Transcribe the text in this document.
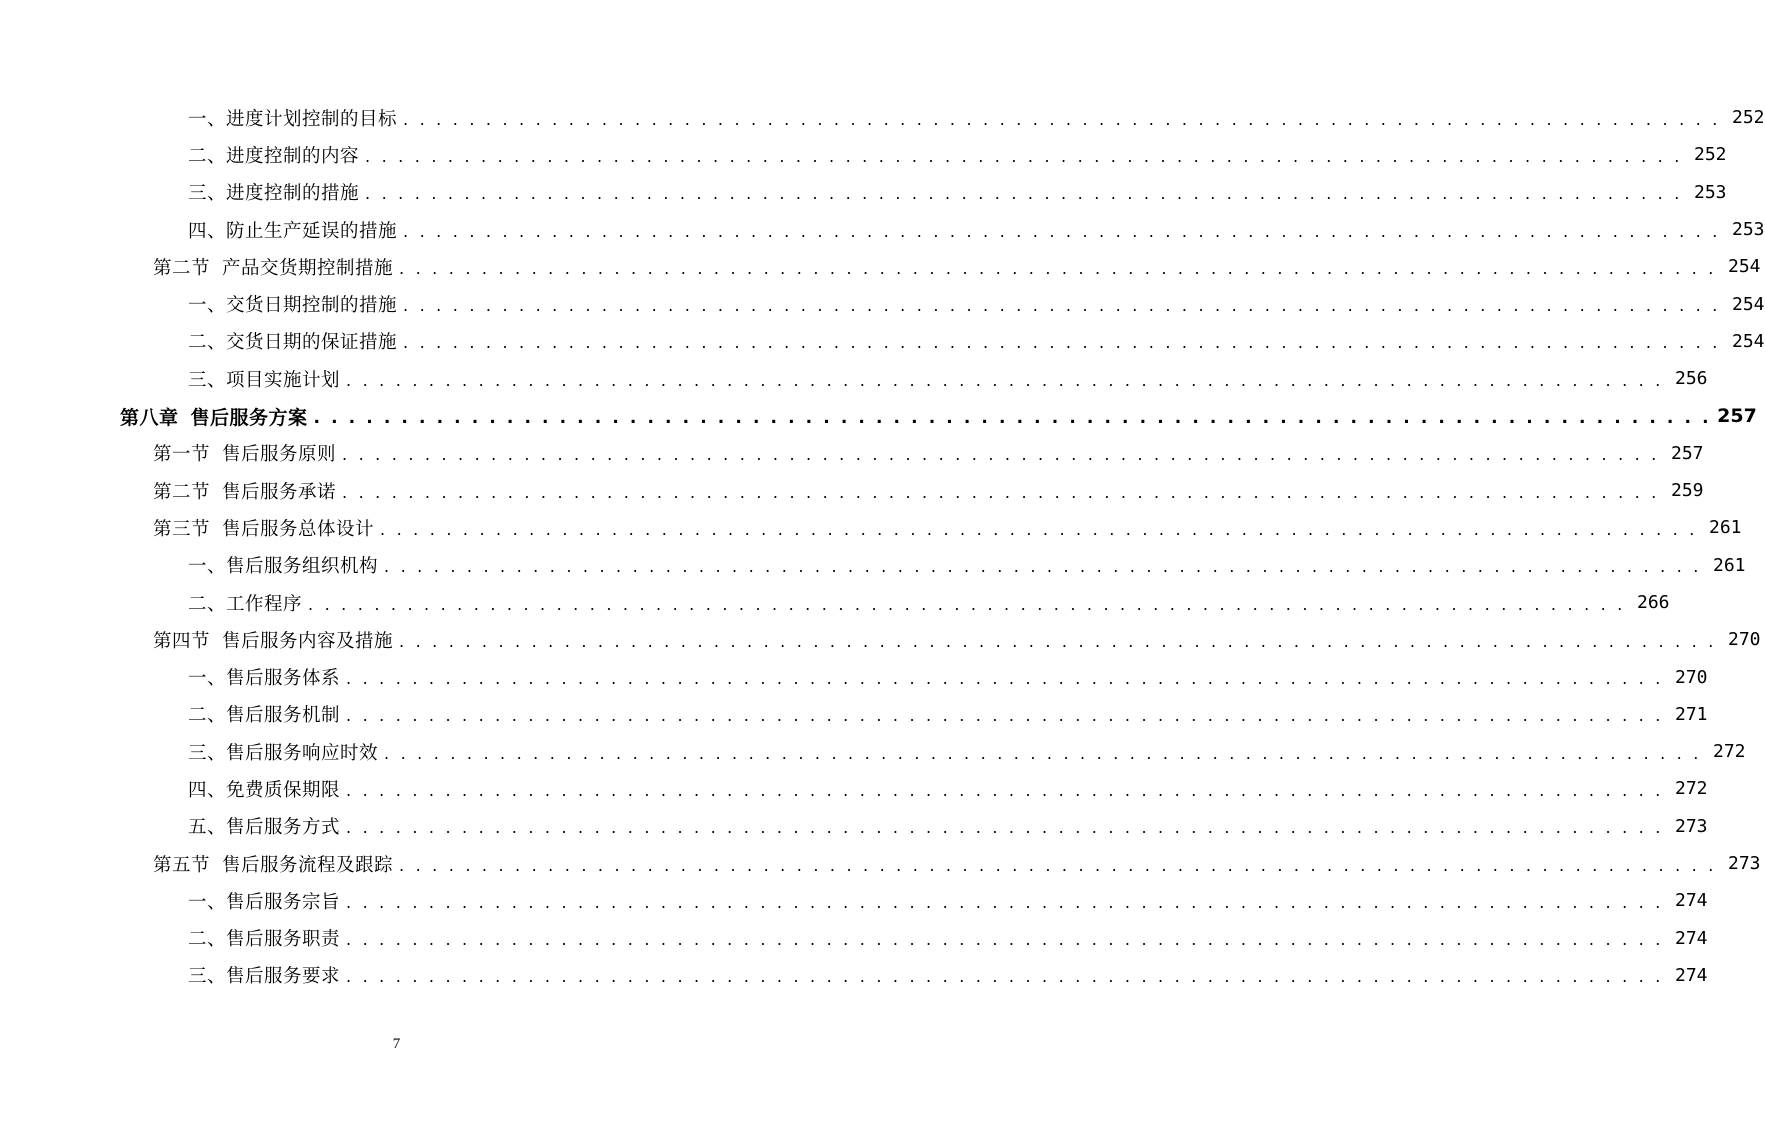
一、进度计划控制的目标 . . . . . . . . . . . . . . . . . . . . . . . . . . . . . . . . . . . . . . . . . . . . . . . . . . . . . . . . . . . . . . . . . . . . . . . . . . . . . . . . 252
二、进度控制的内容 . . . . . . . . . . . . . . . . . . . . . . . . . . . . . . . . . . . . . . . . . . . . . . . . . . . . . . . . . . . . . . . . . . . . . . . . . . . . . . . . 252
三、进度控制的措施 . . . . . . . . . . . . . . . . . . . . . . . . . . . . . . . . . . . . . . . . . . . . . . . . . . . . . . . . . . . . . . . . . . . . . . . . . . . . . . . . 253
四、防止生产延误的措施 . . . . . . . . . . . . . . . . . . . . . . . . . . . . . . . . . . . . . . . . . . . . . . . . . . . . . . . . . . . . . . . . . . . . . . . . . . . . . . . . 253
第二节 产品交货期控制措施 . . . . . . . . . . . . . . . . . . . . . . . . . . . . . . . . . . . . . . . . . . . . . . . . . . . . . . . . . . . . . . . . . . . . . . . . . . . . . . . . 254
一、交货日期控制的措施 . . . . . . . . . . . . . . . . . . . . . . . . . . . . . . . . . . . . . . . . . . . . . . . . . . . . . . . . . . . . . . . . . . . . . . . . . . . . . . . . 254
二、交货日期的保证措施 . . . . . . . . . . . . . . . . . . . . . . . . . . . . . . . . . . . . . . . . . . . . . . . . . . . . . . . . . . . . . . . . . . . . . . . . . . . . . . . . 254
三、项目实施计划 . . . . . . . . . . . . . . . . . . . . . . . . . . . . . . . . . . . . . . . . . . . . . . . . . . . . . . . . . . . . . . . . . . . . . . . . . . . . . . . . 256
第八章 售后服务方案 . . . . . . . . . . . . . . . . . . . . . . . . . . . . . . . . . . . . . . . . . . . . . . . . . . . . . . . . . . . . . . . . . . . . . . . . . . . . . . . . 257
第一节 售后服务原则 . . . . . . . . . . . . . . . . . . . . . . . . . . . . . . . . . . . . . . . . . . . . . . . . . . . . . . . . . . . . . . . . . . . . . . . . . . . . . . . . 257
第二节 售后服务承诺 . . . . . . . . . . . . . . . . . . . . . . . . . . . . . . . . . . . . . . . . . . . . . . . . . . . . . . . . . . . . . . . . . . . . . . . . . . . . . . . . 259
第三节 售后服务总体设计 . . . . . . . . . . . . . . . . . . . . . . . . . . . . . . . . . . . . . . . . . . . . . . . . . . . . . . . . . . . . . . . . . . . . . . . . . . . . . . . . 261
一、售后服务组织机构 . . . . . . . . . . . . . . . . . . . . . . . . . . . . . . . . . . . . . . . . . . . . . . . . . . . . . . . . . . . . . . . . . . . . . . . . . . . . . . . . 261
二、工作程序 . . . . . . . . . . . . . . . . . . . . . . . . . . . . . . . . . . . . . . . . . . . . . . . . . . . . . . . . . . . . . . . . . . . . . . . . . . . . . . . . 266
第四节 售后服务内容及措施 . . . . . . . . . . . . . . . . . . . . . . . . . . . . . . . . . . . . . . . . . . . . . . . . . . . . . . . . . . . . . . . . . . . . . . . . . . . . . . . . 270
一、售后服务体系 . . . . . . . . . . . . . . . . . . . . . . . . . . . . . . . . . . . . . . . . . . . . . . . . . . . . . . . . . . . . . . . . . . . . . . . . . . . . . . . . 270
二、售后服务机制 . . . . . . . . . . . . . . . . . . . . . . . . . . . . . . . . . . . . . . . . . . . . . . . . . . . . . . . . . . . . . . . . . . . . . . . . . . . . . . . . 271
三、售后服务响应时效 . . . . . . . . . . . . . . . . . . . . . . . . . . . . . . . . . . . . . . . . . . . . . . . . . . . . . . . . . . . . . . . . . . . . . . . . . . . . . . . . 272
四、免费质保期限 . . . . . . . . . . . . . . . . . . . . . . . . . . . . . . . . . . . . . . . . . . . . . . . . . . . . . . . . . . . . . . . . . . . . . . . . . . . . . . . . 272
五、售后服务方式 . . . . . . . . . . . . . . . . . . . . . . . . . . . . . . . . . . . . . . . . . . . . . . . . . . . . . . . . . . . . . . . . . . . . . . . . . . . . . . . . 273
第五节 售后服务流程及跟踪 . . . . . . . . . . . . . . . . . . . . . . . . . . . . . . . . . . . . . . . . . . . . . . . . . . . . . . . . . . . . . . . . . . . . . . . . . . . . . . . . 273
一、售后服务宗旨 . . . . . . . . . . . . . . . . . . . . . . . . . . . . . . . . . . . . . . . . . . . . . . . . . . . . . . . . . . . . . . . . . . . . . . . . . . . . . . . . 274
二、售后服务职责 . . . . . . . . . . . . . . . . . . . . . . . . . . . . . . . . . . . . . . . . . . . . . . . . . . . . . . . . . . . . . . . . . . . . . . . . . . . . . . . . 274
三、售后服务要求 . . . . . . . . . . . . . . . . . . . . . . . . . . . . . . . . . . . . . . . . . . . . . . . . . . . . . . . . . . . . . . . . . . . . . . . . . . . . . . . . 274
7
